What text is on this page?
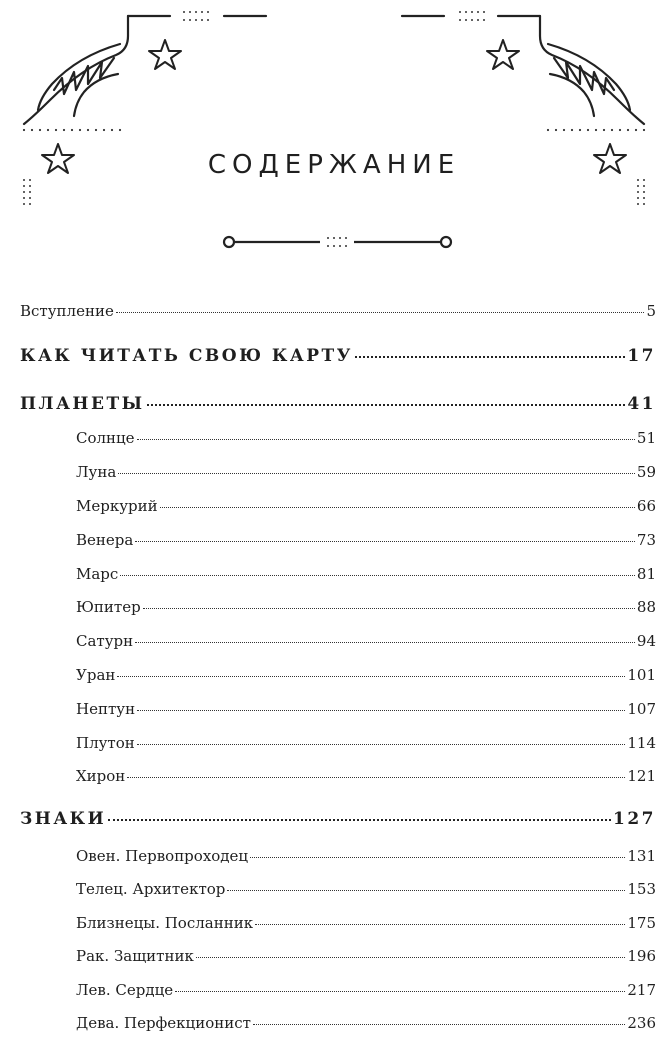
СОДЕРЖАНИЕ
Вступление	5
КАК ЧИТАТЬ СВОЮ КАРТУ	17
ПЛАНЕТЫ	41
Солнце	51
Луна	59
Меркурий	66
Венера	73
Марс	81
Юпитер	88
Сатурн	94
Уран	101
Нептун	107
Плутон	114
Хирон	121
ЗНАКИ	127
Овен. Первопроходец	131
Телец. Архитектор	153
Близнецы. Посланник	175
Рак. Защитник	196
Лев. Сердце	217
Дева. Перфекционист	236
